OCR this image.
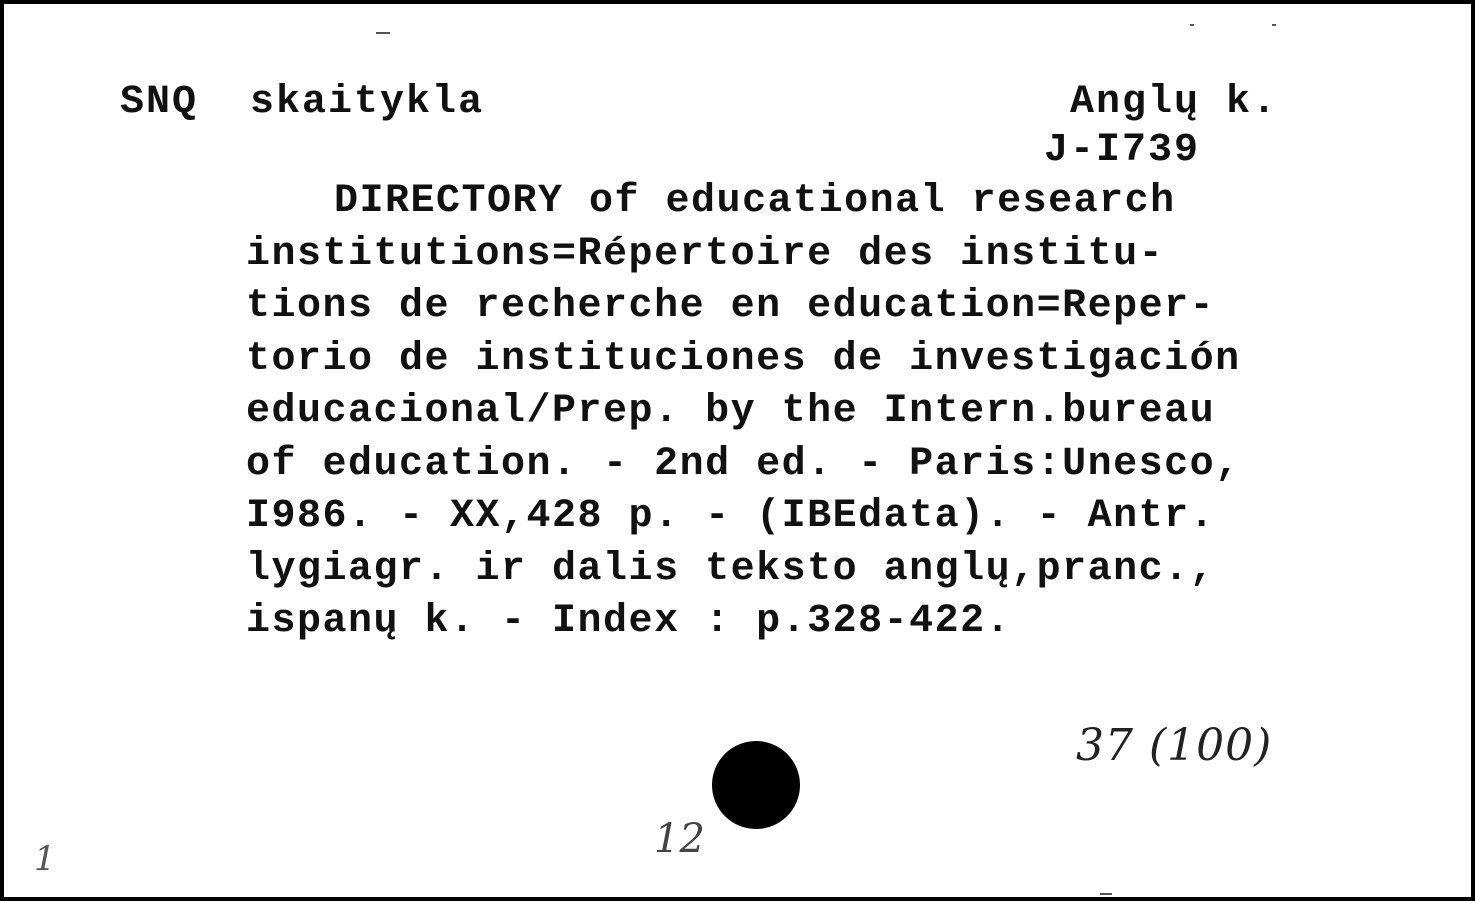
SNQ skaitykla	Anglų k.
J-I739
DIRECTORY of educational research
institutions=Répertoire des institu-
tions de recherche en education=Reper-
torio de instituciones de investigación
educacional/Prep. by the Intern.bureau
of education. - 2nd ed. - Paris:Unesco,
I986. - XX,428 p. - (IBEdata). - Antr.
lygiagr. ir dalis teksto anglų,pranc.,
ispanų k. - Index : p.328-422.
37 (100)
12
1
